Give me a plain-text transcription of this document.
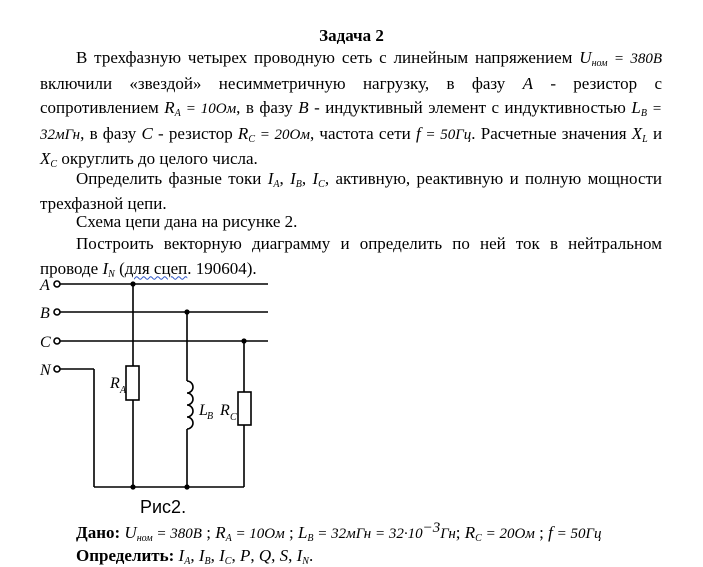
Задача 2
В трехфазную четырех проводную сеть с линейным напряжением $U_{ном} = 380В$ включили «звездой» несимметричную нагрузку, в фазу A - резистор с сопротивлением $R_A = 10Ом$, в фазу B - индуктивный элемент с индуктивностью $L_B = 32мГн$, в фазу C - резистор $R_C = 20Ом$, частота сети f = 50Гц. Расчетные значения $X_L$ и $X_C$ округлить до целого числа.
Определить фазные токи $I_A$, $I_B$, $I_C$, активную, реактивную и полную мощности трехфазной цепи.
Схема цепи дана на рисунке 2.
Построить векторную диаграмму и определить по ней ток в нейтральном проводе $I_N$ (для сцеп. 190604).
A
B
C
N
R A
L B R C
Рис2.
Дано: $U_{ном} = 380В$ ; $R_A = 10Ом$ ; $L_B = 32мГн = 32\cdot 10^{-3}Гн$; $R_C = 20Ом$ ; f = 50Гц
Определить: $I_A$, $I_B$, $I_C$, P, Q, S, $I_N$.
